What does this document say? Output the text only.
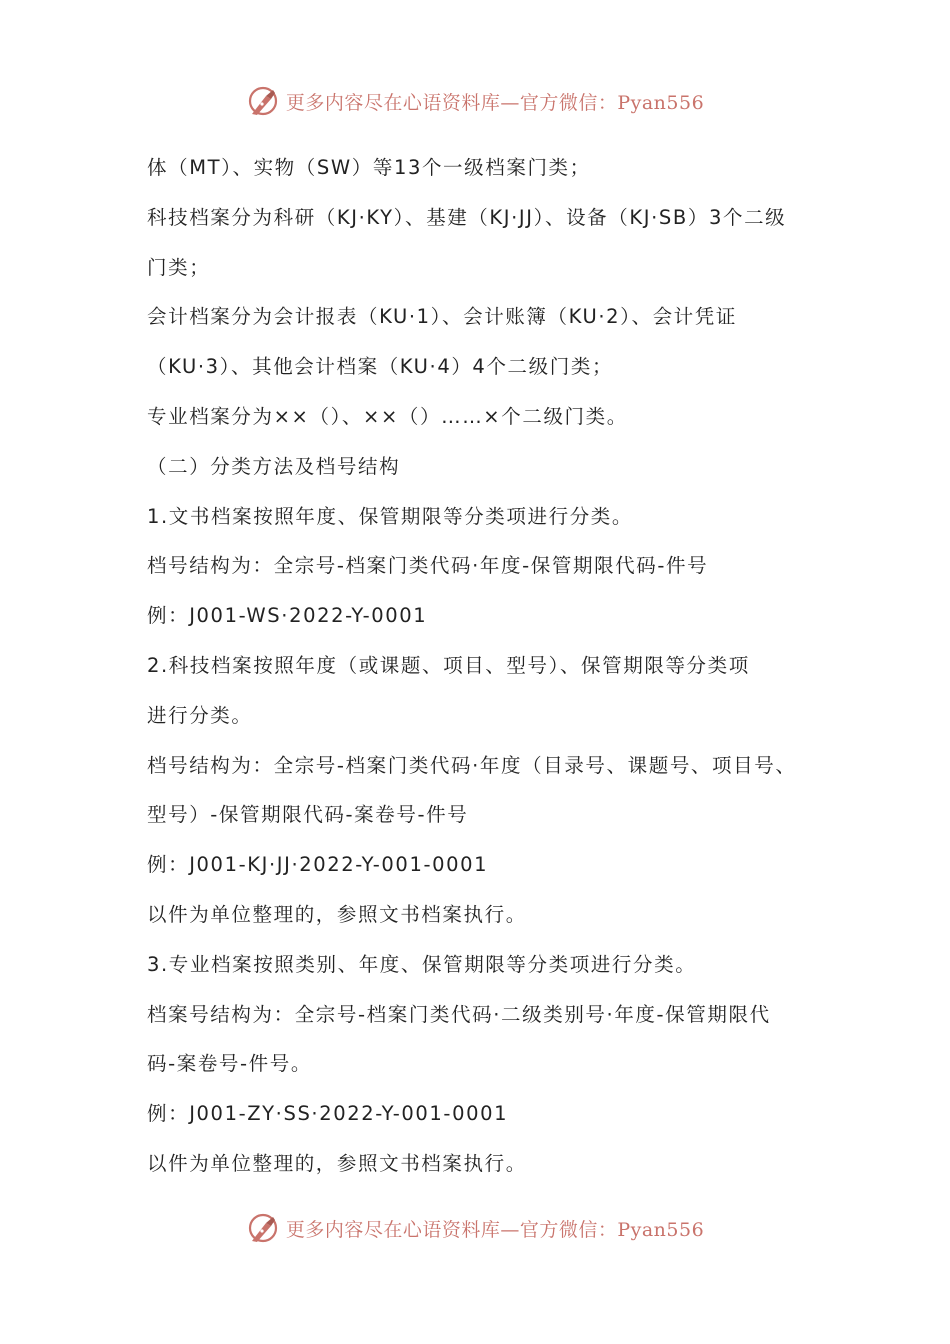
更多内容尽在心语资料库—官方微信：Pyan556
体（MT）、实物（SW）等13个一级档案门类；
科技档案分为科研（KJ·KY）、基建（KJ·JJ）、设备（KJ·SB）3个二级
门类；
会计档案分为会计报表（KU·1）、会计账簿（KU·2）、会计凭证
（KU·3）、其他会计档案（KU·4）4个二级门类；
专业档案分为××（）、××（）……×个二级门类。
（二）分类方法及档号结构
1.文书档案按照年度、保管期限等分类项进行分类。
档号结构为：全宗号-档案门类代码·年度-保管期限代码-件号
例：J001-WS·2022-Y-0001
2.科技档案按照年度（或课题、项目、型号）、保管期限等分类项
进行分类。
档号结构为：全宗号-档案门类代码·年度（目录号、课题号、项目号、
型号）-保管期限代码-案卷号-件号
例：J001-KJ·JJ·2022-Y-001-0001
以件为单位整理的，参照文书档案执行。
3.专业档案按照类别、年度、保管期限等分类项进行分类。
档案号结构为：全宗号-档案门类代码·二级类别号·年度-保管期限代
码-案卷号-件号。
例：J001-ZY·SS·2022-Y-001-0001
以件为单位整理的，参照文书档案执行。
更多内容尽在心语资料库—官方微信：Pyan556
